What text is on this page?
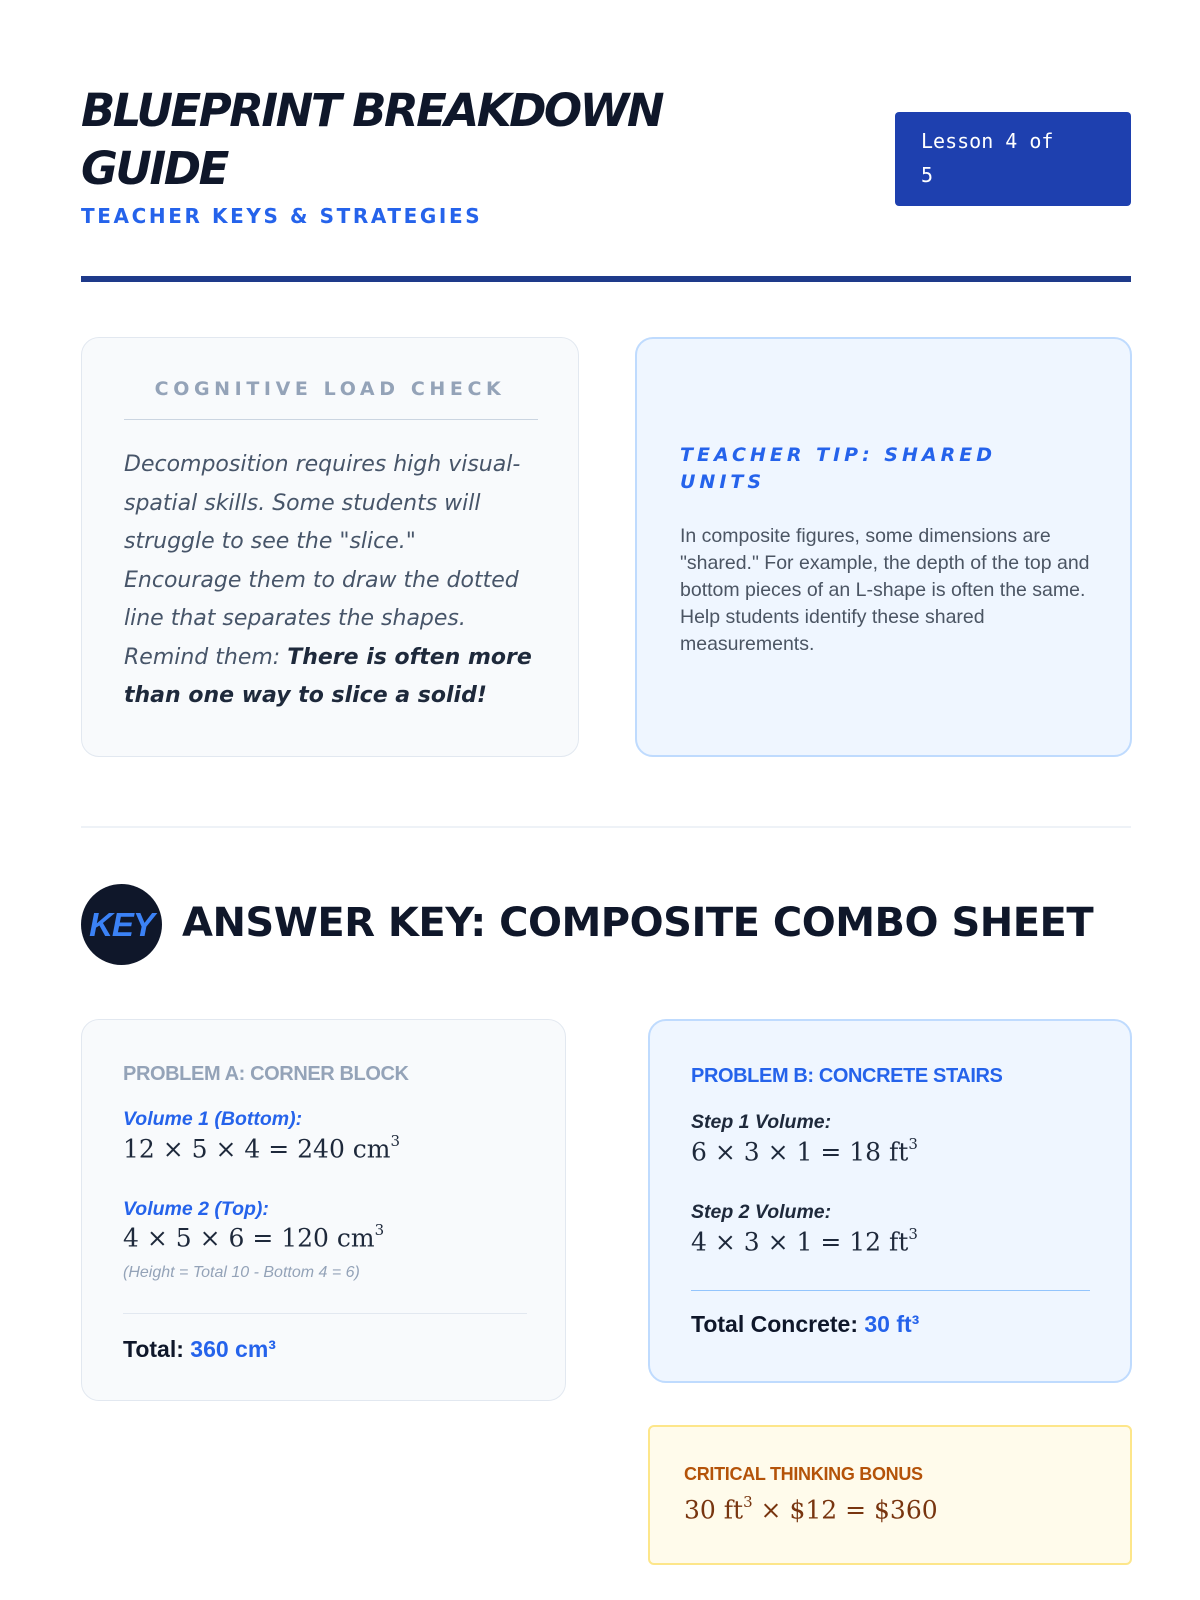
BLUEPRINT BREAKDOWN GUIDE
TEACHER KEYS & STRATEGIES
Lesson 4 of
5
COGNITIVE LOAD CHECK
Decomposition requires high visual-spatial skills. Some students will struggle to see the "slice." Encourage them to draw the dotted line that separates the shapes. Remind them: There is often more than one way to slice a solid!
TEACHER TIP: SHARED UNITS
In composite figures, some dimensions are "shared." For example, the depth of the top and bottom pieces of an L-shape is often the same. Help students identify these shared measurements.
KEY ANSWER KEY: COMPOSITE COMBO SHEET
PROBLEM A: CORNER BLOCK
Volume 1 (Bottom):
12 × 5 × 4 = 240 $cm^3$
Volume 2 (Top):
4 × 5 × 6 = 120 $cm^3$
(Height = Total 10 - Bottom 4 = 6)
Total: 360 cm³
PROBLEM B: CONCRETE STAIRS
Step 1 Volume:
6 × 3 × 1 = 18 $ft^3$
Step 2 Volume:
4 × 3 × 1 = 12 $ft^3$
Total Concrete: 30 ft³
CRITICAL THINKING BONUS
30 $ft^3$ × $12 = $360
